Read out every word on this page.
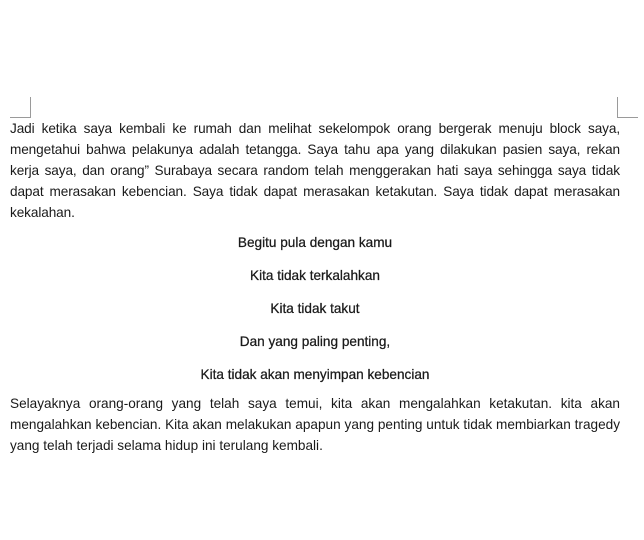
Jadi ketika saya kembali ke rumah dan melihat sekelompok orang bergerak menuju block saya, mengetahui bahwa pelakunya adalah tetangga. Saya tahu apa yang dilakukan pasien saya, rekan kerja saya, dan orang” Surabaya secara random telah menggerakan hati saya sehingga saya tidak dapat merasakan kebencian. Saya tidak dapat merasakan ketakutan. Saya tidak dapat merasakan kekalahan.

Begitu pula dengan kamu

Kita tidak terkalahkan

Kita tidak takut

Dan yang paling penting,

Kita tidak akan menyimpan kebencian

Selayaknya orang-orang yang telah saya temui, kita akan mengalahkan ketakutan. kita akan mengalahkan kebencian. Kita akan melakukan apapun yang penting untuk tidak membiarkan tragedy yang telah terjadi selama hidup ini terulang kembali.
